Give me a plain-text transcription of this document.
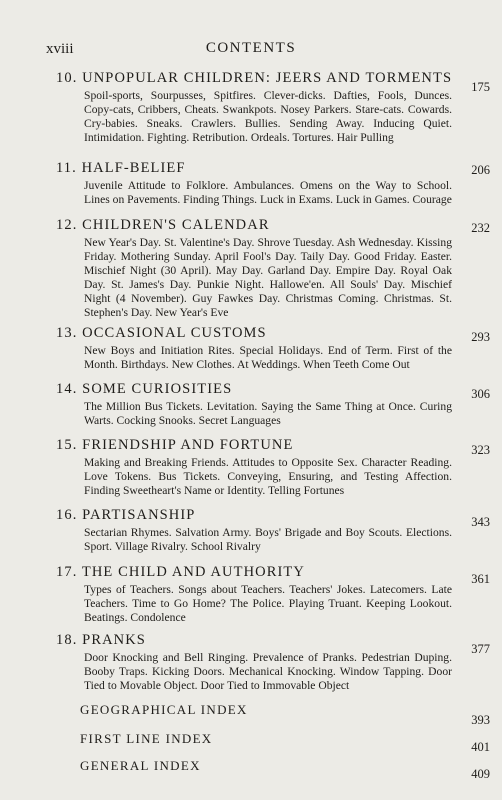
xviii	CONTENTS
10. UNPOPULAR CHILDREN: JEERS AND TORMENTS
Spoil-sports, Sourpusses, Spitfires. Clever-dicks. Dafties, Fools, Dunces. Copy-cats, Cribbers, Cheats. Swankpots. Nosey Parkers. Stare-cats. Cowards. Cry-babies. Sneaks. Crawlers. Bullies. Sending Away. Inducing Quiet. Intimidation. Fighting. Retribution. Ordeals. Tortures. Hair Pulling
175
11. HALF-BELIEF
Juvenile Attitude to Folklore. Ambulances. Omens on the Way to School. Lines on Pavements. Finding Things. Luck in Exams. Luck in Games. Courage
206
12. CHILDREN'S CALENDAR
New Year's Day. St. Valentine's Day. Shrove Tuesday. Ash Wednesday. Kissing Friday. Mothering Sunday. April Fool's Day. Taily Day. Good Friday. Easter. Mischief Night (30 April). May Day. Garland Day. Empire Day. Royal Oak Day. St. James's Day. Punkie Night. Hallowe'en. All Souls' Day. Mischief Night (4 November). Guy Fawkes Day. Christmas Coming. Christmas. St. Stephen's Day. New Year's Eve
232
13. OCCASIONAL CUSTOMS
New Boys and Initiation Rites. Special Holidays. End of Term. First of the Month. Birthdays. New Clothes. At Weddings. When Teeth Come Out
293
14. SOME CURIOSITIES
The Million Bus Tickets. Levitation. Saying the Same Thing at Once. Curing Warts. Cocking Snooks. Secret Languages
306
15. FRIENDSHIP AND FORTUNE
Making and Breaking Friends. Attitudes to Opposite Sex. Character Reading. Love Tokens. Bus Tickets. Conveying, Ensuring, and Testing Affection. Finding Sweetheart's Name or Identity. Telling Fortunes
323
16. PARTISANSHIP
Sectarian Rhymes. Salvation Army. Boys' Brigade and Boy Scouts. Elections. Sport. Village Rivalry. School Rivalry
343
17. THE CHILD AND AUTHORITY
Types of Teachers. Songs about Teachers. Teachers' Jokes. Latecomers. Late Teachers. Time to Go Home? The Police. Playing Truant. Keeping Lookout. Beatings. Condolence
361
18. PRANKS
Door Knocking and Bell Ringing. Prevalence of Pranks. Pedestrian Duping. Booby Traps. Kicking Doors. Mechanical Knocking. Window Tapping. Door Tied to Movable Object. Door Tied to Immovable Object
377
GEOGRAPHICAL INDEX
393
FIRST LINE INDEX
401
GENERAL INDEX
409
